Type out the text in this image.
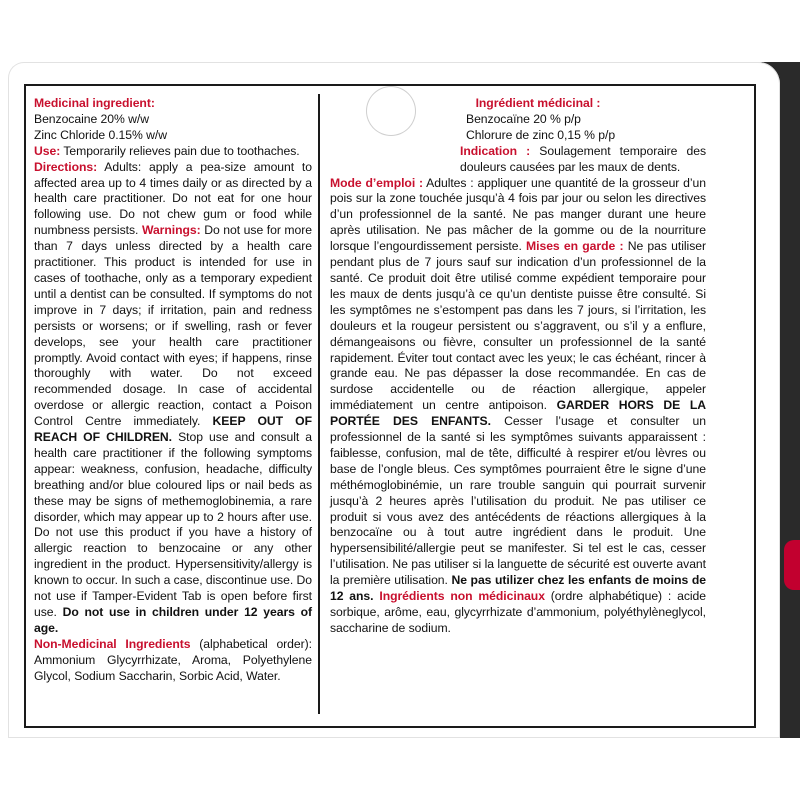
Medicinal ingredient:

Benzocaine 20% w/w

Zinc Chloride 0.15% w/w

Use: Temporarily relieves pain due to toothaches.

Directions: Adults: apply a pea-size amount to affected area up to 4 times daily or as directed by a health care practitioner. Do not eat for one hour following use. Do not chew gum or food while numbness persists. Warnings: Do not use for more than 7 days unless directed by a health care practitioner. This product is intended for use in cases of toothache, only as a temporary expedient until a dentist can be consulted. If symptoms do not improve in 7 days; if irritation, pain and redness persists or worsens; or if swelling, rash or fever develops, see your health care practitioner promptly. Avoid contact with eyes; if happens, rinse thoroughly with water. Do not exceed recommended dosage. In case of accidental overdose or allergic reaction, contact a Poison Control Centre immediately. KEEP OUT OF REACH OF CHILDREN. Stop use and consult a health care practitioner if the following symptoms appear: weakness, confusion, headache, difficulty breathing and/or blue coloured lips or nail beds as these may be signs of methemoglobinemia, a rare disorder, which may appear up to 2 hours after use. Do not use this product if you have a history of allergic reaction to benzocaine or any other ingredient in the product. Hypersensitivity/allergy is known to occur. In such a case, discontinue use. Do not use if Tamper-Evident Tab is open before first use. Do not use in children under 12 years of age.

Non-Medicinal Ingredients (alphabetical order): Ammonium Glycyrrhizate, Aroma, Polyethylene Glycol, Sodium Saccharin, Sorbic Acid, Water.

Ingrédient médicinal :

Benzocaïne 20 % p/p

Chlorure de zinc 0,15 % p/p

Indication : Soulagement temporaire des douleurs causées par les maux de dents.

Mode d’emploi : Adultes : appliquer une quantité de la grosseur d’un pois sur la zone touchée jusqu’à 4 fois par jour ou selon les directives d’un professionnel de la santé. Ne pas manger durant une heure après utilisation. Ne pas mâcher de la gomme ou de la nourriture lorsque l’engourdissement persiste. Mises en garde : Ne pas utiliser pendant plus de 7 jours sauf sur indication d’un professionnel de la santé. Ce produit doit être utilisé comme expédient temporaire pour les maux de dents jusqu’à ce qu’un dentiste puisse être consulté. Si les symptômes ne s’estompent pas dans les 7 jours, si l’irritation, les douleurs et la rougeur persistent ou s’aggravent, ou s’il y a enflure, démangeaisons ou fièvre, consulter un professionnel de la santé rapidement. Éviter tout contact avec les yeux; le cas échéant, rincer à grande eau. Ne pas dépasser la dose recommandée. En cas de surdose accidentelle ou de réaction allergique, appeler immédiatement un centre antipoison. GARDER HORS DE LA PORTÉE DES ENFANTS. Cesser l’usage et consulter un professionnel de la santé si les symptômes suivants apparaissent : faiblesse, confusion, mal de tête, difficulté à respirer et/ou lèvres ou base de l’ongle bleus. Ces symptômes pourraient être le signe d’une méthémoglobinémie, un rare trouble sanguin qui pourrait survenir jusqu’à 2 heures après l’utilisation du produit. Ne pas utiliser ce produit si vous avez des antécédents de réactions allergiques à la benzocaïne ou à tout autre ingrédient dans le produit. Une hypersensibilité/allergie peut se manifester. Si tel est le cas, cesser l’utilisation. Ne pas utiliser si la languette de sécurité est ouverte avant la première utilisation. Ne pas utilizer chez les enfants de moins de 12 ans. Ingrédients non médicinaux (ordre alphabétique) : acide sorbique, arôme, eau, glycyrrhizate d’ammonium, polyéthylèneglycol, saccharine de sodium.
